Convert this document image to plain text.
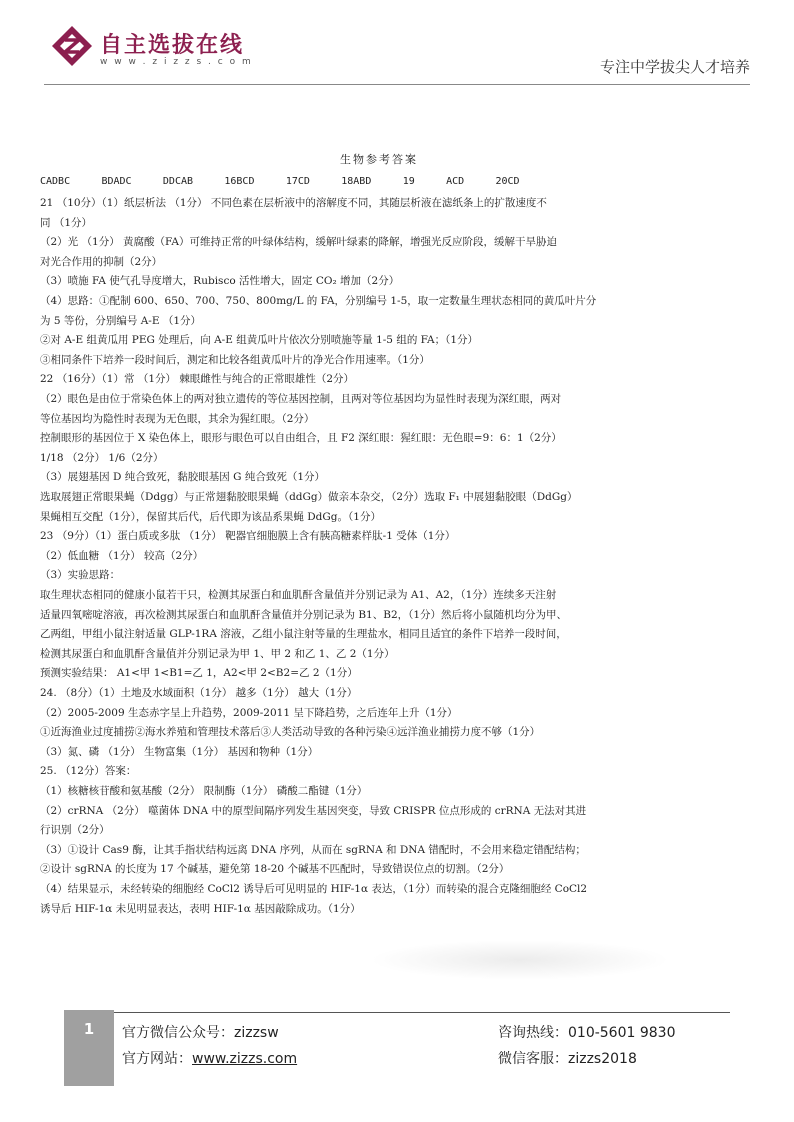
自主选拔在线
w w w . z i z z s . c o m	专注中学拔尖人才培养
生物参考答案
CADBC	BDADC	DDCAB	16BCD	17CD	18ABD	19	ACD	20CD
21 （10分）（1）纸层析法 （1分） 不同色素在层析液中的溶解度不同，其随层析液在滤纸条上的扩散速度不
同 （1分）
（2）光 （1分） 黄腐酸（FA）可维持正常的叶绿体结构，缓解叶绿素的降解，增强光反应阶段，缓解干旱胁迫
对光合作用的抑制（2分）
（3）喷施 FA 使气孔导度增大，Rubisco 活性增大，固定 CO₂ 增加（2分）
（4）思路：①配制 600、650、700、750、800mg/L 的 FA，分别编号 1-5，取一定数量生理状态相同的黄瓜叶片分
为 5 等份，分别编号 A-E （1分）
②对 A-E 组黄瓜用 PEG 处理后，向 A-E 组黄瓜叶片依次分别喷施等量 1-5 组的 FA；（1分）
③相同条件下培养一段时间后，测定和比较各组黄瓜叶片的净光合作用速率。（1分）
22 （16分）（1）常 （1分） 棘眼雌性与纯合的正常眼雄性（2分）
（2）眼色是由位于常染色体上的两对独立遗传的等位基因控制，且两对等位基因均为显性时表现为深红眼，两对
等位基因均为隐性时表现为无色眼，其余为猩红眼。（2分）
控制眼形的基因位于 X 染色体上，眼形与眼色可以自由组合，且 F2 深红眼：猩红眼：无色眼=9：6：1（2分）
1/18 （2分） 1/6（2分）
（3）展翅基因 D 纯合致死，黏胶眼基因 G 纯合致死（1分）
选取展翅正常眼果蝇（Ddgg）与正常翅黏胶眼果蝇（ddGg）做亲本杂交，（2分）选取 F₁ 中展翅黏胶眼（DdGg）
果蝇相互交配（1分），保留其后代，后代即为该品系果蝇 DdGg。（1分）
23 （9分）（1）蛋白质或多肽 （1分） 靶器官细胞膜上含有胰高糖素样肽-1 受体（1分）
（2）低血糖 （1分） 较高（2分）
（3）实验思路：
取生理状态相同的健康小鼠若干只，检测其尿蛋白和血肌酐含量值并分别记录为 A1、A2，（1分）连续多天注射
适量四氧嘧啶溶液，再次检测其尿蛋白和血肌酐含量值并分别记录为 B1、B2，（1分）然后将小鼠随机均分为甲、
乙两组，甲组小鼠注射适量 GLP-1RA 溶液，乙组小鼠注射等量的生理盐水，相同且适宜的条件下培养一段时间，
检测其尿蛋白和血肌酐含量值并分别记录为甲 1、甲 2 和乙 1、乙 2（1分）
预测实验结果： A1<甲 1<B1=乙 1，A2<甲 2<B2=乙 2（1分）
24. （8分）（1）土地及水域面积（1分） 越多（1分） 越大（1分）
（2）2005-2009 生态赤字呈上升趋势，2009-2011 呈下降趋势，之后连年上升（1分）
①近海渔业过度捕捞②海水养殖和管理技术落后③人类活动导致的各种污染④远洋渔业捕捞力度不够（1分）
（3）氮、磷 （1分） 生物富集（1分） 基因和物种（1分）
25. （12分）答案：
（1）核糖核苷酸和氨基酸（2分） 限制酶（1分） 磷酸二酯键（1分）
（2）crRNA （2分） 噬菌体 DNA 中的原型间隔序列发生基因突变，导致 CRISPR 位点形成的 crRNA 无法对其进
行识别（2分）
（3）①设计 Cas9 酶，让其手指状结构远离 DNA 序列，从而在 sgRNA 和 DNA 错配时，不会用来稳定错配结构；
②设计 sgRNA 的长度为 17 个碱基，避免第 18-20 个碱基不匹配时，导致错误位点的切割。（2分）
（4）结果显示，未经转染的细胞经 CoCl2 诱导后可见明显的 HIF-1α 表达，（1分）而转染的混合克隆细胞经 CoCl2
诱导后 HIF-1α 未见明显表达，表明 HIF-1α 基因敲除成功。（1分）
1	官方微信公众号：zizzsw
官方网站：www.zizzs.com
咨询热线：010-5601 9830
微信客服：zizzs2018
